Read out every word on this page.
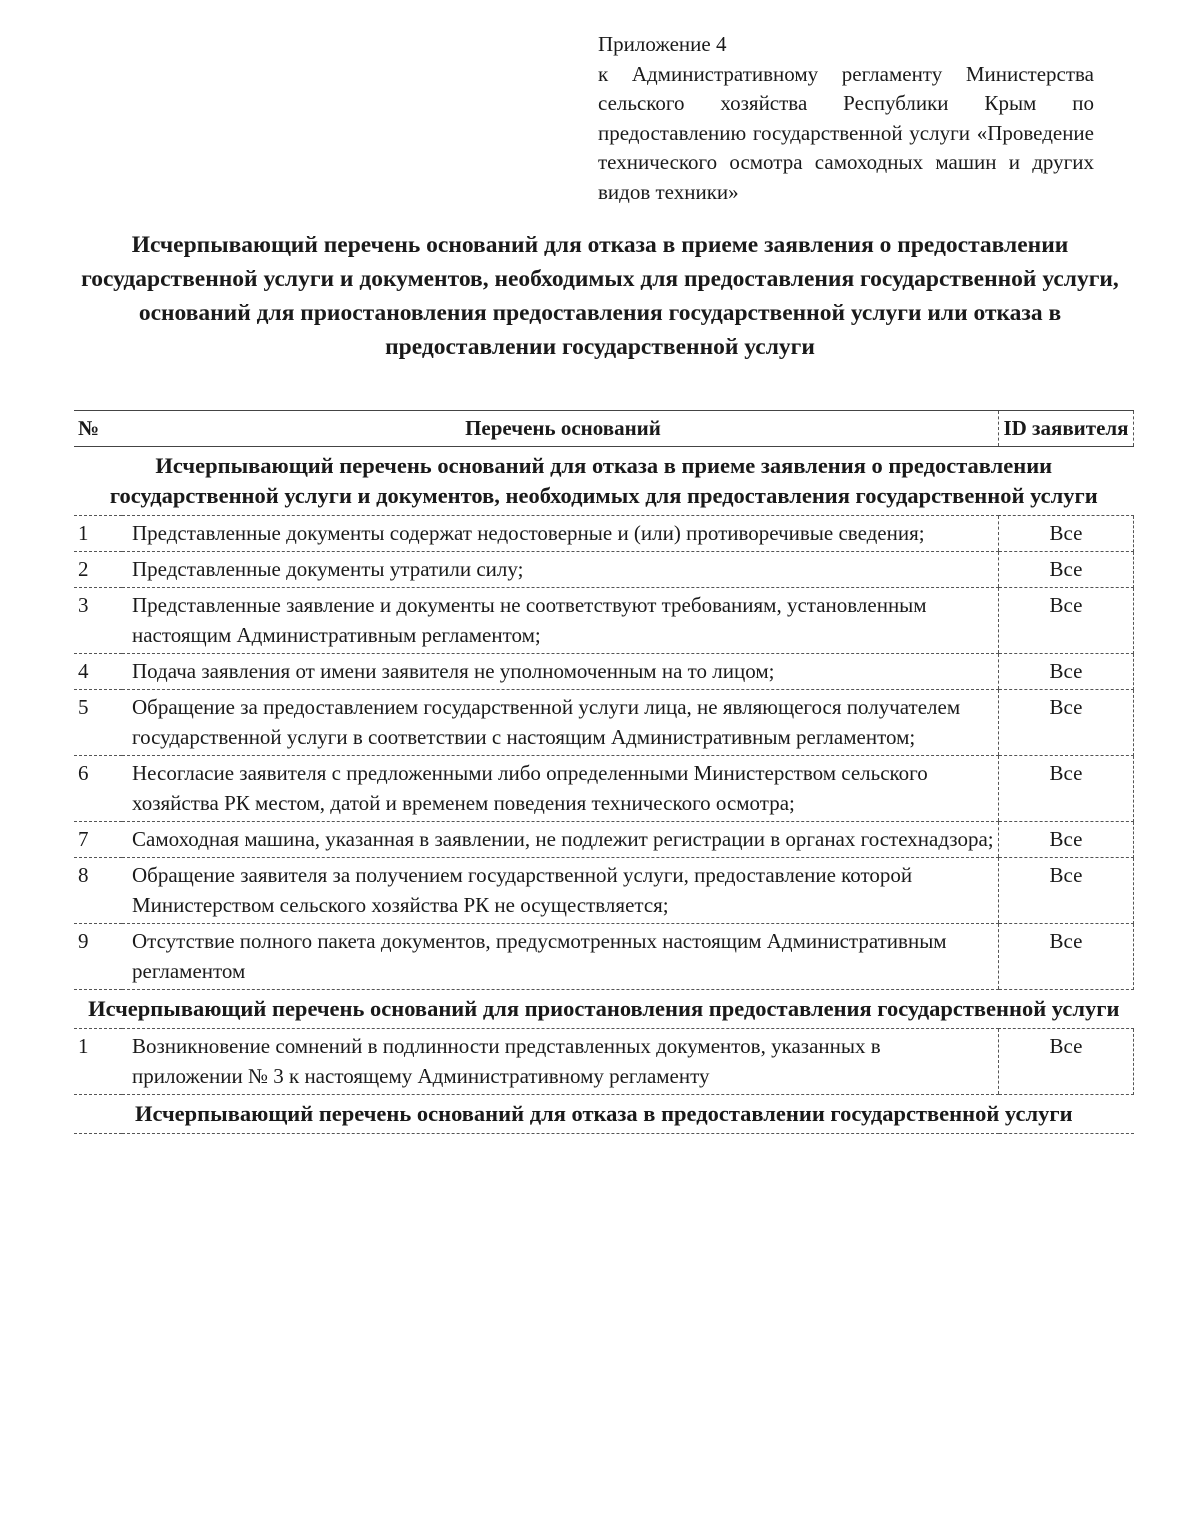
Приложение 4
к Административному регламенту Министерства сельского хозяйства Республики Крым по предоставлению государственной услуги «Проведение технического осмотра самоходных машин и других видов техники»
Исчерпывающий перечень оснований для отказа в приеме заявления о предоставлении государственной услуги и документов, необходимых для предоставления государственной услуги, оснований для приостановления предоставления государственной услуги или отказа в предоставлении государственной услуги
№	Перечень оснований	ID заявителя
Исчерпывающий перечень оснований для отказа в приеме заявления о предоставлении государственной услуги и документов, необходимых для предоставления государственной услуги		
1	Представленные документы содержат недостоверные и (или) противоречивые сведения;	Все
2	Представленные документы утратили силу;	Все
3	Представленные заявление и документы не соответствуют требованиям, установленным настоящим Административным регламентом;	Все
4	Подача заявления от имени заявителя не уполномоченным на то лицом;	Все
5	Обращение за предоставлением государственной услуги лица, не являющегося получателем государственной услуги в соответствии с настоящим Административным регламентом;	Все
6	Несогласие заявителя с предложенными либо определенными Министерством сельского хозяйства РК местом, датой и временем поведения технического осмотра;	Все
7	Самоходная машина, указанная в заявлении, не подлежит регистрации в органах гостехнадзора;	Все
8	Обращение заявителя за получением государственной услуги, предоставление которой Министерством сельского хозяйства РК не осуществляется;	Все
9	Отсутствие полного пакета документов, предусмотренных настоящим Административным регламентом	Все
Исчерпывающий перечень оснований для приостановления предоставления государственной услуги		
1	Возникновение сомнений в подлинности представленных документов, указанных в приложении № 3 к настоящему Административному регламенту	Все
Исчерпывающий перечень оснований для отказа в предоставлении государственной услуги		
